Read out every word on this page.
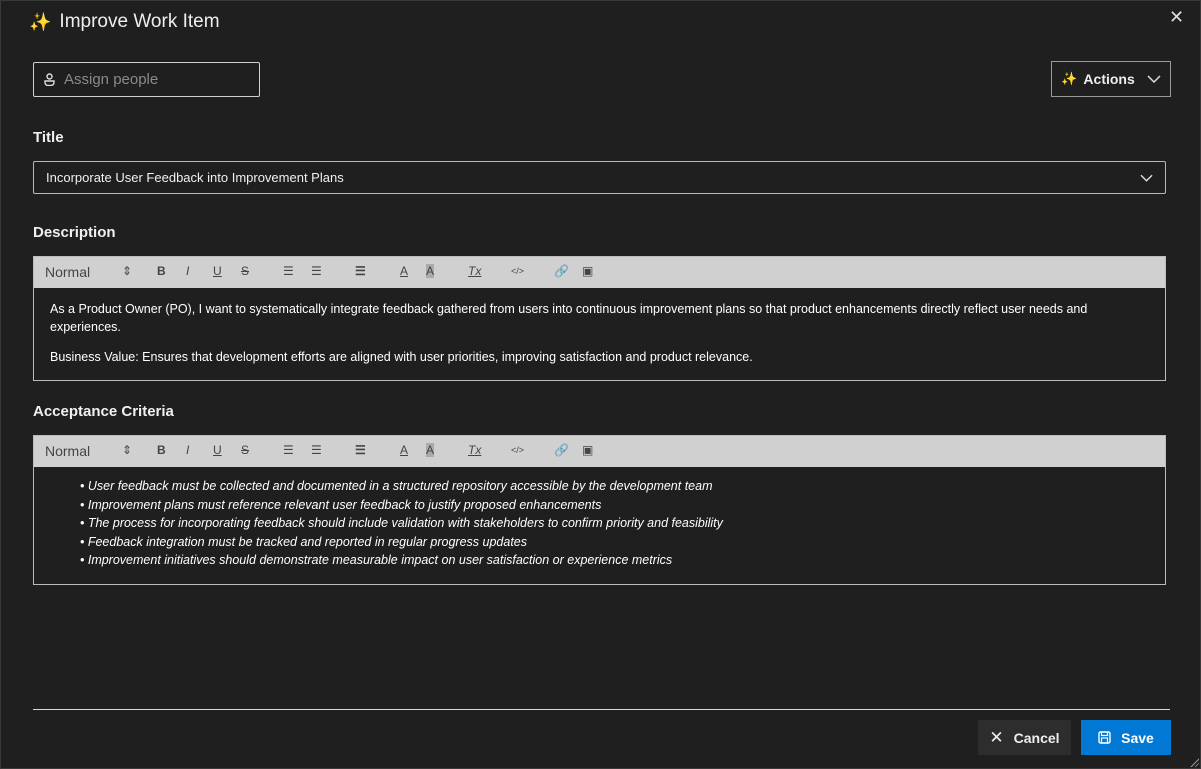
✨ Improve Work Item	✕
Assign people	✨ Actions
Title
Incorporate User Feedback into Improvement Plans
Description
Normal	⇕ B I U S	☰ ☰	☰	A A	Tx	</> 🔗 ▣

As a Product Owner (PO), I want to systematically integrate feedback gathered from users into continuous improvement plans so that product enhancements directly reflect user needs and experiences.

Business Value: Ensures that development efforts are aligned with user priorities, improving satisfaction and product relevance.

Acceptance Criteria
Normal	⇕ B I U S	☰ ☰	☰	A A	Tx	</> 🔗 ▣
• User feedback must be collected and documented in a structured repository accessible by the development team
• Improvement plans must reference relevant user feedback to justify proposed enhancements
• The process for incorporating feedback should include validation with stakeholders to confirm priority and feasibility
• Feedback integration must be tracked and reported in regular progress updates
• Improvement initiatives should demonstrate measurable impact on user satisfaction or experience metrics
✕ Cancel	Save
